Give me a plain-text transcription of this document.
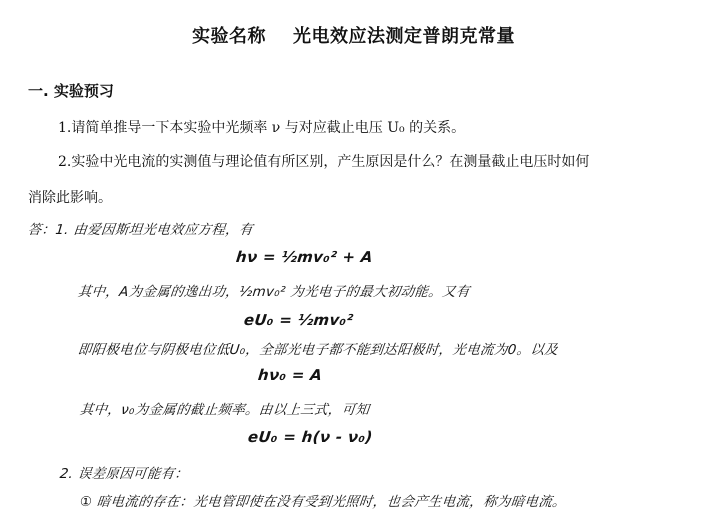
实验名称    光电效应法测定普朗克常量
一. 实验预习
1.请简单推导一下本实验中光频率 ν 与对应截止电压 U₀ 的关系。
2.实验中光电流的实测值与理论值有所区别，产生原因是什么？在测量截止电压时如何
消除此影响。
答：1. 由爱因斯坦光电效应方程，有
hν = ½mv₀² + A
其中，A为金属的逸出功，½mv₀² 为光电子的最大初动能。又有
eU₀ = ½mv₀²
即阳极电位与阴极电位低U₀，全部光电子都不能到达阳极时，光电流为0。以及
hν₀ = A
其中，ν₀为金属的截止频率。由以上三式，可知
eU₀ = h(ν - ν₀)
2. 误差原因可能有：
① 暗电流的存在：光电管即使在没有受到光照时，也会产生电流，称为暗电流。
